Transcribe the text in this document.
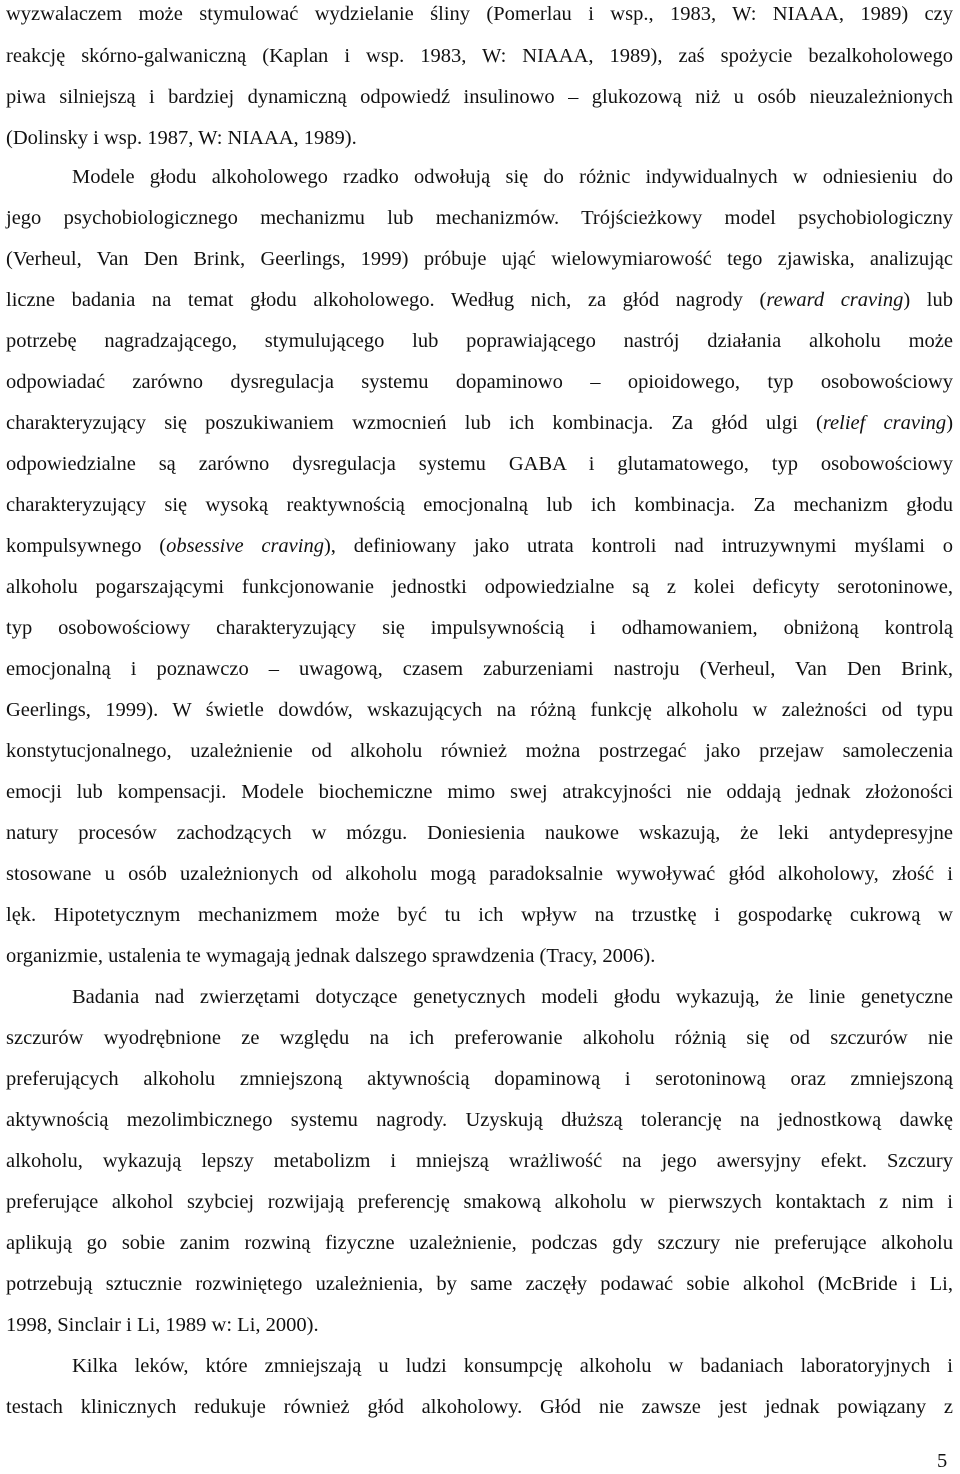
wyzwalaczem może stymulować wydzielanie śliny (Pomerlau i wsp., 1983, W: NIAAA, 1989) czy
reakcję skórno-galwaniczną (Kaplan i wsp. 1983, W: NIAAA, 1989), zaś spożycie bezalkoholowego
piwa silniejszą i bardziej dynamiczną odpowiedź insulinowo – glukozową niż u osób nieuzależnionych
(Dolinsky i wsp. 1987, W: NIAAA, 1989).
Modele głodu alkoholowego rzadko odwołują się do różnic indywidualnych w odniesieniu do
jego psychobiologicznego mechanizmu lub mechanizmów. Trójścieżkowy model psychobiologiczny
(Verheul, Van Den Brink, Geerlings, 1999) próbuje ująć wielowymiarowość tego zjawiska, analizując
liczne badania na temat głodu alkoholowego. Według nich, za głód nagrody (reward craving) lub
potrzebę nagradzającego, stymulującego lub poprawiającego nastrój działania alkoholu może
odpowiadać zarówno dysregulacja systemu dopaminowo – opioidowego, typ osobowościowy
charakteryzujący się poszukiwaniem wzmocnień lub ich kombinacja. Za głód ulgi (relief craving)
odpowiedzialne są zarówno dysregulacja systemu GABA i glutamatowego, typ osobowościowy
charakteryzujący się wysoką reaktywnością emocjonalną lub ich kombinacja. Za mechanizm głodu
kompulsywnego (obsessive craving), definiowany jako utrata kontroli nad intruzywnymi myślami o
alkoholu pogarszającymi funkcjonowanie jednostki odpowiedzialne są z kolei deficyty serotoninowe,
typ osobowościowy charakteryzujący się impulsywnością i odhamowaniem, obniżoną kontrolą
emocjonalną i poznawczo – uwagową, czasem zaburzeniami nastroju (Verheul, Van Den Brink,
Geerlings, 1999). W świetle dowdów, wskazujących na różną funkcję alkoholu w zależności od typu
konstytucjonalnego, uzależnienie od alkoholu również można postrzegać jako przejaw samoleczenia
emocji lub kompensacji. Modele biochemiczne mimo swej atrakcyjności nie oddają jednak złożoności
natury procesów zachodzących w mózgu. Doniesienia naukowe wskazują, że leki antydepresyjne
stosowane u osób uzależnionych od alkoholu mogą paradoksalnie wywoływać głód alkoholowy, złość i
lęk. Hipotetycznym mechanizmem może być tu ich wpływ na trzustkę i gospodarkę cukrową w
organizmie, ustalenia te wymagają jednak dalszego sprawdzenia (Tracy, 2006).
Badania nad zwierzętami dotyczące genetycznych modeli głodu wykazują, że linie genetyczne
szczurów wyodrębnione ze względu na ich preferowanie alkoholu różnią się od szczurów nie
preferujących alkoholu zmniejszoną aktywnością dopaminową i serotoninową oraz zmniejszoną
aktywnością mezolimbicznego systemu nagrody. Uzyskują dłuższą tolerancję na jednostkową dawkę
alkoholu, wykazują lepszy metabolizm i mniejszą wrażliwość na jego awersyjny efekt. Szczury
preferujące alkohol szybciej rozwijają preferencję smakową alkoholu w pierwszych kontaktach z nim i
aplikują go sobie zanim rozwiną fizyczne uzależnienie, podczas gdy szczury nie preferujące alkoholu
potrzebują sztucznie rozwiniętego uzależnienia, by same zaczęły podawać sobie alkohol (McBride i Li,
1998, Sinclair i Li, 1989 w: Li, 2000).
Kilka leków, które zmniejszają u ludzi konsumpcję alkoholu w badaniach laboratoryjnych i
testach klinicznych redukuje również głód alkoholowy. Głód nie zawsze jest jednak powiązany z
5
